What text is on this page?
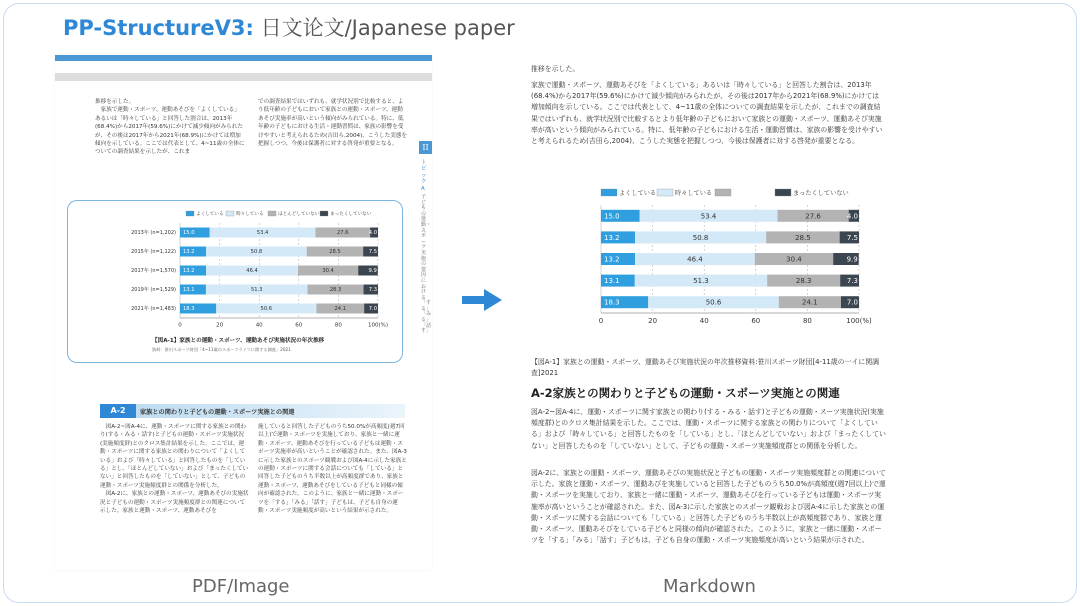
PP-StructureV3: 日文论文/Japanese paper
推移を示した。
　家族で運動・スポーツ、運動あそびを「よくしている」あるいは「時々している」と回答した割合は、2013年(68.4%)から2017年(59.6%)にかけて減少傾向がみられたが、その後は2017年から2021年(68.9%)にかけては増加傾向を示している。ここでは代表として、4~11歳の全体についての調査結果を示したが、これま
での調査結果ではいずれも、就学状況別で比較すると、より低年齢の子どもにおいて家族との運動・スポーツ、運動あそび実施率が高いという傾向がみられている。特に、低年齢の子どもにおける生活・運動習慣は、家族の影響を受けやすいと考えられるため(吉田ら,2004)、こうした実態を把握しつつ、今後は保護者に対する啓発が重要となる。	II
トピックA
子どもの運動・スポーツ実施の要因における「する」「みる」「話す」
よくしている	時々している	ほとんどしていない まったくしていない
0	20	40	60	80	100(%)
2013年 (n=1,202) 15.0	53.4	27.6	4.0
2015年 (n=1,122) 13.2	50.8	28.5	7.5
2017年 (n=1,570) 13.2	46.4	30.4	9.9
2019年 (n=1,529) 13.1	51.3	28.3	7.3
2021年 (n=1,483) 18.3	50.6	24.1	7.0
【図A-1】家族との運動・スポーツ、運動あそび実施状況の年次推移
資料：笹川スポーツ財団「4~11歳のスポーツライフに関する調査」2021
A-2	家族との関わりと子どもの運動・スポーツ実施との関連
　図A-2~図A-4に、運動・スポーツに関する家族との関わり(する・みる・話す)と子どもの運動・スポーツ実施状況(実施頻度群)とのクロス集計結果を示した。ここでは、運動・スポーツに関する家族との関わりについて「よくしている」および「時々している」と回答したものを「している」とし、「ほとんどしていない」および「まったくしていない」と回答したものを「していない」として、子どもの運動・スポーツ実施頻度群との関係を分析した。
　図A-2に、家族との運動・スポーツ、運動あそびの実施状況と子どもの運動・スポーツ実施頻度群との関連について示した。家族と運動・スポーツ、運動あそびを
施していると回答した子どものうち50.0%が高頻度(週7回以上)で運動・スポーツを実施しており、家族と一緒に運動・スポーツ、運動あそびを行っている子どもは運動・スポーツ実施率が高いということが確認された。また、図A-3に示した家族とのスポーツ観戦および図A-4に示した家族との運動・スポーツに関する会話についても「している」と回答した子どものうち半数以上が高頻度群であり、家族と運動・スポーツ、運動あそびをしている子どもと同様の傾向が確認された。このように、家族と一緒に運動・スポーツを「する」「みる」「話す」子どもは、子ども自身の運動・スポーツ実施頻度が高いという結果が示された。
PDF/Image

推移を示した。

家族で運動・スポーツ、運動あそびを「よくしている」あるいは「時々している」と回答した割合は、2013年(68.4%)から2017年(59.6%)にかけて減少傾向がみられたが、その後は2017年から2021年(68.9%)にかけては増加傾向を示している。ここでは代表として、4~11歳の全体についての調査結果を示したが、これまでの調査結果ではいずれも、就学状況別で比較するとより低年齢の子どもにおいて家族との運動・スポーツ、運動あそび実施率が高いという傾向がみられている。特に、低年齢の子どもにおける生活・運動習慣は、家族の影響を受けやすいと考えられるため(吉田ら,2004)、こうした実態を把握しつつ、今後は保護者に対する啓発が重要となる。

よくしている	時々している	まったくしていない
0	20	40	60	80	100(%)
15.0	53.4	27.6	4.0
13.2	50.8	28.5	7.5
13.2	46.4	30.4	9.9
13.1	51.3	28.3	7.3
18.3	50.6	24.1	7.0

【図A-1】家族との運動・スポーツ、運動あそび実施状況の年次推移資料:笹川スポーツ財団[4-11歳の一イに関調査]2021

A-2家族との関わりと子どもの運動・スポーツ実施との関連

図A-2~図A-4に、運動・スポーツに関す家族との関わり(する・みる・話す)と子どもの運動・スーツ実施状況(実施頻度群)とのクロス集計結果を示した。ここでは、運動・スポーツに関する家族との関わりについて「よくしている」および「時々している」と回答したものを「している」とし、「ほとんどしていない」および「まったくしていない」と回答したものを「していない」として、子どもの運動・スポーツ実施頻度群との関係を分析した。

図A-2に、家族との運動・スポーツ、運動あそびの実施状況と子どもの運動・スポーツ実施頻度群との関連について示した。家族と運動・スポーツ、運動あびを実施していると回答した子どものうち50.0%が高頻度(週7回以上)で運動・スポーツを実施しており、家族と一緒に運動・スポーツ、運動あそびを行っている子どもは運動・スポーツ実施率が高いということが確認された。また、図A-3に示した家族とのスポーツ観戦および図A-4に示した家族との運動・スポーツに関する会話についても「している」と回答した子どものうち半数以上が高頻度群であり、家族と運動・スポーツ、運動あそびをしている子どもと同様の傾向が確認された。このように、家族と一緒に運動・スポーツを「する」「みる」「話す」子どもは、子ども自身の運動・スポーツ実施頻度が高いという結果が示された。

Markdown
